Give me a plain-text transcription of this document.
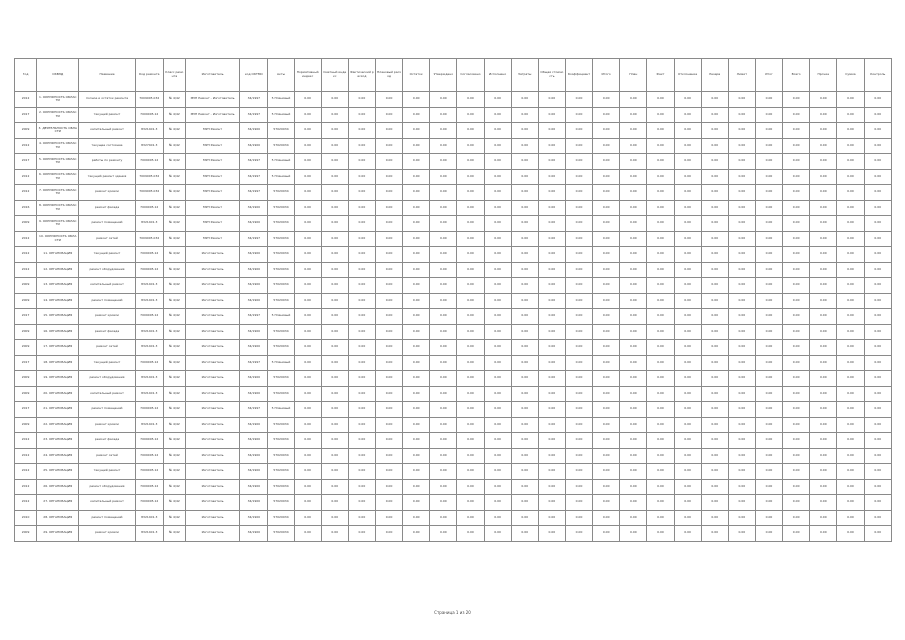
Год	ОКВЭД	Название	Код ремонта	Класс ремонта	Изготовитель	код ОКТМО	Акты	Нормативный индекс	Сметный индекс	Фактический расход	Плановый расход	Остаток	Утверждено	Согласовано	Исполнено	Затраты	Общая стоимость	Коэффициент	Итого	План	Факт	Отклонение	Резерв	Лимит	Итог	Всего	Прочие	Сумма	Контроль
2012	1. ОКРУЖНОСТЬ ОБЛАСТИ	полное и остаток ремонта	7009005.032	№ 4/42	МУП Ремонт - Изготовитель	34/1997	5 Плановый	0.00	0.00	0.00	0.00	0.00	0.00	0.00	0.00	0.00	0.00	0.00	0.00	0.00	0.00	0.00	0.00	0.00	0.00	0.00	0.00	0.00	0.00
2017	2. ОКРУЖНОСТЬ ОБЛАСТИ	текущий ремонт	7009005.12	№ 4/42	МУП Ремонт - Изготовитель	34/1997	5 Плановый	0.00	0.00	0.00	0.00	0.00	0.00	0.00	0.00	0.00	0.00	0.00	0.00	0.00	0.00	0.00	0.00	0.00	0.00	0.00	0.00	0.00	0.00
2009	3. ДЕЯТЕЛЬНОСТЬ ОБЛАСТИ	капитальный ремонт	8321401.3	№ 4/42	МУП Ремонт	34/1900	57020034	0.00	0.00	0.00	0.00	0.00	0.00	0.00	0.00	0.00	0.00	0.00	0.00	0.00	0.00	0.00	0.00	0.00	0.00	0.00	0.00	0.00	0.00
2012	4. ОКРУЖНОСТЬ ОБЛАСТИ	текущее состояние	8327401.3	№ 4/42	МУП Ремонт	34/1900	57020034	0.00	0.00	0.00	0.00	0.00	0.00	0.00	0.00	0.00	0.00	0.00	0.00	0.00	0.00	0.00	0.00	0.00	0.00	0.00	0.00	0.00	0.00
2017	5. ОКРУЖНОСТЬ ОБЛАСТИ	работы по ремонту	7009005.12	№ 4/42	МУП Ремонт	34/1997	5 Плановый	0.00	0.00	0.00	0.00	0.00	0.00	0.00	0.00	0.00	0.00	0.00	0.00	0.00	0.00	0.00	0.00	0.00	0.00	0.00	0.00	0.00	0.00
2012	6. ОКРУЖНОСТЬ ОБЛАСТИ	текущий ремонт здания	7009005.032	№ 4/42	МУП Ремонт	34/1997	5 Плановый	0.00	0.00	0.00	0.00	0.00	0.00	0.00	0.00	0.00	0.00	0.00	0.00	0.00	0.00	0.00	0.00	0.00	0.00	0.00	0.00	0.00	0.00
2012	7. ОКРУЖНОСТЬ ОБЛАСТИ	ремонт кровли	7009005.032	№ 4/42	МУП Ремонт	34/1997	57020034	0.00	0.00	0.00	0.00	0.00	0.00	0.00	0.00	0.00	0.00	0.00	0.00	0.00	0.00	0.00	0.00	0.00	0.00	0.00	0.00	0.00	0.00
2016	8. ОКРУЖНОСТЬ ОБЛАСТИ	ремонт фасада	7009005.12	№ 4/42	МУП Ремонт	34/1900	57020034	0.00	0.00	0.00	0.00	0.00	0.00	0.00	0.00	0.00	0.00	0.00	0.00	0.00	0.00	0.00	0.00	0.00	0.00	0.00	0.00	0.00	0.00
2009	9. ОКРУЖНОСТЬ ОБЛАСТИ	ремонт помещений	8321401.3	№ 4/42	МУП Ремонт	34/1900	57020034	0.00	0.00	0.00	0.00	0.00	0.00	0.00	0.00	0.00	0.00	0.00	0.00	0.00	0.00	0.00	0.00	0.00	0.00	0.00	0.00	0.00	0.00
2012	10. ОКРУЖНОСТЬ ОБЛАСТИ	ремонт сетей	7009005.032	№ 4/42	МУП Ремонт	34/1997	57020034	0.00	0.00	0.00	0.00	0.00	0.00	0.00	0.00	0.00	0.00	0.00	0.00	0.00	0.00	0.00	0.00	0.00	0.00	0.00	0.00	0.00	0.00
2012	11. ОРГАНИЗАЦИЯ	текущий ремонт	7009005.12	№ 4/42	Изготовитель	34/1900	57020034	0.00	0.00	0.00	0.00	0.00	0.00	0.00	0.00	0.00	0.00	0.00	0.00	0.00	0.00	0.00	0.00	0.00	0.00	0.00	0.00	0.00	0.00
2012	12. ОРГАНИЗАЦИЯ	ремонт оборудования	7009005.12	№ 4/42	Изготовитель	34/1900	57020034	0.00	0.00	0.00	0.00	0.00	0.00	0.00	0.00	0.00	0.00	0.00	0.00	0.00	0.00	0.00	0.00	0.00	0.00	0.00	0.00	0.00	0.00
2009	13. ОРГАНИЗАЦИЯ	капитальный ремонт	8321401.3	№ 4/42	Изготовитель	34/1900	57020034	0.00	0.00	0.00	0.00	0.00	0.00	0.00	0.00	0.00	0.00	0.00	0.00	0.00	0.00	0.00	0.00	0.00	0.00	0.00	0.00	0.00	0.00
2009	14. ОРГАНИЗАЦИЯ	ремонт помещений	8321401.3	№ 4/42	Изготовитель	34/1900	57020034	0.00	0.00	0.00	0.00	0.00	0.00	0.00	0.00	0.00	0.00	0.00	0.00	0.00	0.00	0.00	0.00	0.00	0.00	0.00	0.00	0.00	0.00
2017	15. ОРГАНИЗАЦИЯ	ремонт кровли	7009005.12	№ 4/42	Изготовитель	34/1997	5 Плановый	0.00	0.00	0.00	0.00	0.00	0.00	0.00	0.00	0.00	0.00	0.00	0.00	0.00	0.00	0.00	0.00	0.00	0.00	0.00	0.00	0.00	0.00
2009	16. ОРГАНИЗАЦИЯ	ремонт фасада	8321401.3	№ 4/42	Изготовитель	34/1900	57020034	0.00	0.00	0.00	0.00	0.00	0.00	0.00	0.00	0.00	0.00	0.00	0.00	0.00	0.00	0.00	0.00	0.00	0.00	0.00	0.00	0.00	0.00
2009	17. ОРГАНИЗАЦИЯ	ремонт сетей	8321401.3	№ 4/42	Изготовитель	34/1900	57020034	0.00	0.00	0.00	0.00	0.00	0.00	0.00	0.00	0.00	0.00	0.00	0.00	0.00	0.00	0.00	0.00	0.00	0.00	0.00	0.00	0.00	0.00
2017	18. ОРГАНИЗАЦИЯ	текущий ремонт	7009005.12	№ 4/42	Изготовитель	34/1997	5 Плановый	0.00	0.00	0.00	0.00	0.00	0.00	0.00	0.00	0.00	0.00	0.00	0.00	0.00	0.00	0.00	0.00	0.00	0.00	0.00	0.00	0.00	0.00
2009	19. ОРГАНИЗАЦИЯ	ремонт оборудования	8321401.3	№ 4/42	Изготовитель	34/1900	57020034	0.00	0.00	0.00	0.00	0.00	0.00	0.00	0.00	0.00	0.00	0.00	0.00	0.00	0.00	0.00	0.00	0.00	0.00	0.00	0.00	0.00	0.00
2009	20. ОРГАНИЗАЦИЯ	капитальный ремонт	8321401.3	№ 4/42	Изготовитель	34/1900	57020034	0.00	0.00	0.00	0.00	0.00	0.00	0.00	0.00	0.00	0.00	0.00	0.00	0.00	0.00	0.00	0.00	0.00	0.00	0.00	0.00	0.00	0.00
2017	21. ОРГАНИЗАЦИЯ	ремонт помещений	7009005.12	№ 4/42	Изготовитель	34/1997	5 Плановый	0.00	0.00	0.00	0.00	0.00	0.00	0.00	0.00	0.00	0.00	0.00	0.00	0.00	0.00	0.00	0.00	0.00	0.00	0.00	0.00	0.00	0.00
2009	22. ОРГАНИЗАЦИЯ	ремонт кровли	8321401.3	№ 4/42	Изготовитель	34/1900	57020034	0.00	0.00	0.00	0.00	0.00	0.00	0.00	0.00	0.00	0.00	0.00	0.00	0.00	0.00	0.00	0.00	0.00	0.00	0.00	0.00	0.00	0.00
2012	23. ОРГАНИЗАЦИЯ	ремонт фасада	7009005.12	№ 4/42	Изготовитель	34/1900	57020034	0.00	0.00	0.00	0.00	0.00	0.00	0.00	0.00	0.00	0.00	0.00	0.00	0.00	0.00	0.00	0.00	0.00	0.00	0.00	0.00	0.00	0.00
2012	24. ОРГАНИЗАЦИЯ	ремонт сетей	7009005.12	№ 4/42	Изготовитель	34/1900	57020034	0.00	0.00	0.00	0.00	0.00	0.00	0.00	0.00	0.00	0.00	0.00	0.00	0.00	0.00	0.00	0.00	0.00	0.00	0.00	0.00	0.00	0.00
2012	25. ОРГАНИЗАЦИЯ	текущий ремонт	7009005.12	№ 4/42	Изготовитель	34/1900	57020034	0.00	0.00	0.00	0.00	0.00	0.00	0.00	0.00	0.00	0.00	0.00	0.00	0.00	0.00	0.00	0.00	0.00	0.00	0.00	0.00	0.00	0.00
2012	26. ОРГАНИЗАЦИЯ	ремонт оборудования	7009005.12	№ 4/42	Изготовитель	34/1900	57020034	0.00	0.00	0.00	0.00	0.00	0.00	0.00	0.00	0.00	0.00	0.00	0.00	0.00	0.00	0.00	0.00	0.00	0.00	0.00	0.00	0.00	0.00
2012	27. ОРГАНИЗАЦИЯ	капитальный ремонт	7009005.12	№ 4/42	Изготовитель	34/1900	57020034	0.00	0.00	0.00	0.00	0.00	0.00	0.00	0.00	0.00	0.00	0.00	0.00	0.00	0.00	0.00	0.00	0.00	0.00	0.00	0.00	0.00	0.00
2010	28. ОРГАНИЗАЦИЯ	ремонт помещений	8321401.3	№ 4/42	Изготовитель	34/1900	57020034	0.00	0.00	0.00	0.00	0.00	0.00	0.00	0.00	0.00	0.00	0.00	0.00	0.00	0.00	0.00	0.00	0.00	0.00	0.00	0.00	0.00	0.00
2009	29. ОРГАНИЗАЦИЯ	ремонт кровли	8321401.3	№ 4/42	Изготовитель	34/1900	57020034	0.00	0.00	0.00	0.00	0.00	0.00	0.00	0.00	0.00	0.00	0.00	0.00	0.00	0.00	0.00	0.00	0.00	0.00	0.00	0.00	0.00	0.00
Страница 1 из 20
